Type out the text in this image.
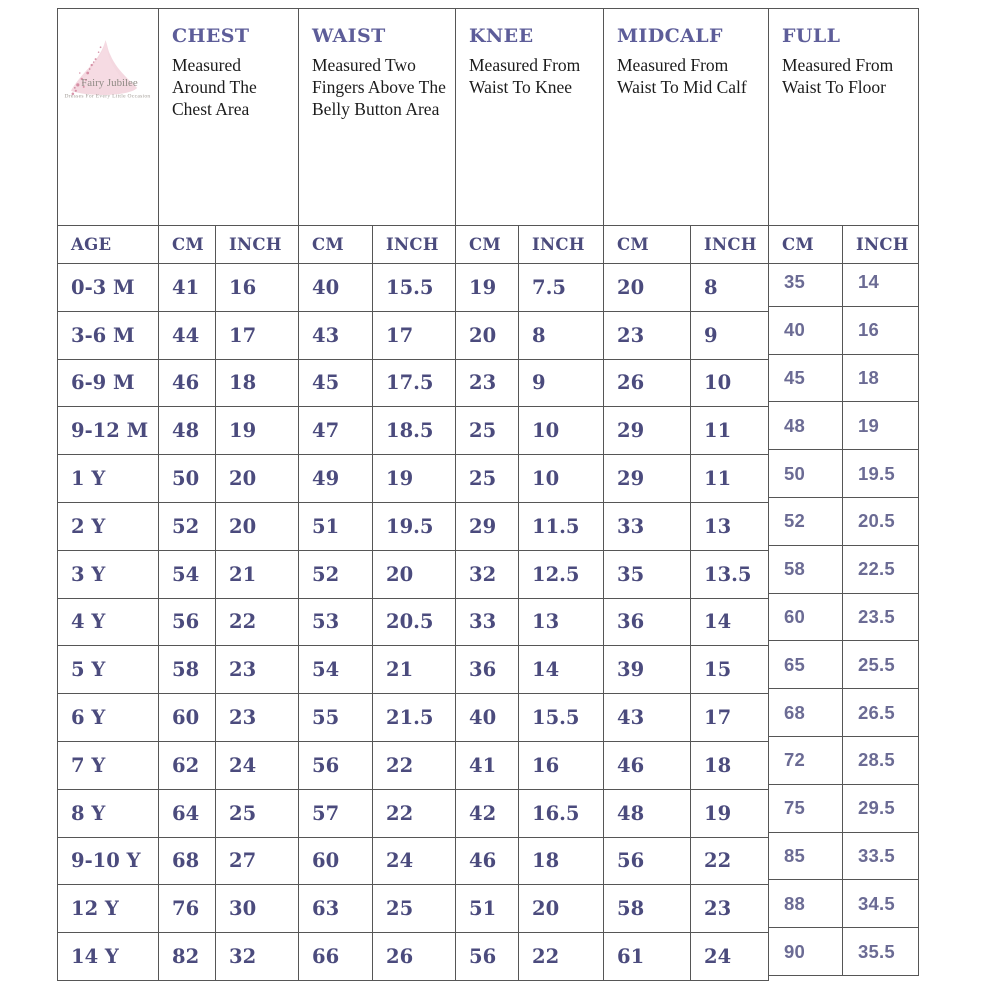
Fairy Jubilee
Dresses For Every Little Occasion
CHEST
Measured Around The Chest Area
WAIST
Measured Two Fingers Above The Belly Button Area
KNEE
Measured From Waist To Knee
MIDCALF
Measured From Waist To Mid Calf
FULL
Measured From Waist To Floor
AGE	CM	INCH	CM	INCH	CM	INCH	CM	INCH	CM	INCH
0-3 M	41	16	40	15.5	19	7.5	20	8	35	14
3-6 M	44	17	43	17	20	8	23	9	40	16
6-9 M	46	18	45	17.5	23	9	26	10	45	18
9-12 M	48	19	47	18.5	25	10	29	11	48	19
1 Y	50	20	49	19	25	10	29	11	50	19.5
2 Y	52	20	51	19.5	29	11.5	33	13	52	20.5
3 Y	54	21	52	20	32	12.5	35	13.5	58	22.5
4 Y	56	22	53	20.5	33	13	36	14	60	23.5
5 Y	58	23	54	21	36	14	39	15	65	25.5
6 Y	60	23	55	21.5	40	15.5	43	17	68	26.5
7 Y	62	24	56	22	41	16	46	18	72	28.5
8 Y	64	25	57	22	42	16.5	48	19	75	29.5
9-10 Y	68	27	60	24	46	18	56	22	85	33.5
12 Y	76	30	63	25	51	20	58	23	88	34.5
14 Y	82	32	66	26	56	22	61	24	90	35.5
